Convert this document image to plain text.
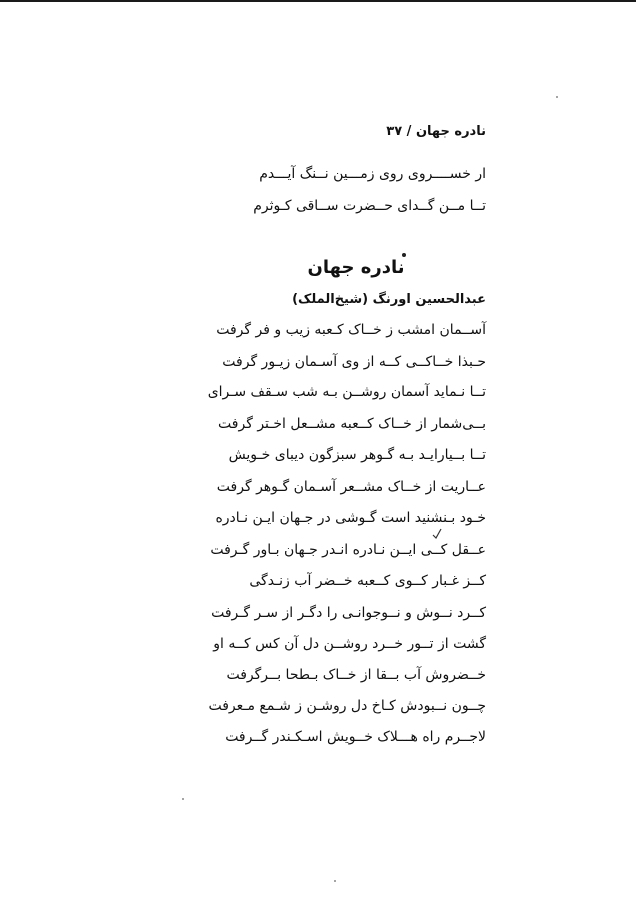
نادره جهان / ۳۷
ار خســــروی روی زمـــین نــنگ آیـــدم
تــا مــن گــدای حــضرت ســاقی کـوثرم
نادره جهان
عبدالحسین اورنگ (شیخ‌الملک)
آســمان امشب ز خــاک کـعبه زیب و فر گرفت
حـبذا خــاکــی کــه از وی آسـمان زیـور گرفت
تــا نـماید آسمان روشــن بـه شب سـقف سـرای
بــی‌شمار از خــاک کــعبه مشــعل اخـتر گرفت
تــا بــیارایـد بـه گـوهر سبزگون دیبای خـویش
عــاریت از خــاک مشــعر آسـمان گـوهر گرفت
خـود بـنشنید است گـوشی در جـهان ایـن نـادره
عــقل کــی ایــن نـادره انـدر جـهان بـاور گـرفت
کــز غـبار کــوی کــعبه خــضر آب زنـدگی
کــرد نــوش و نــوجوانـی را دگـر از سـر گـرفت
گشت از تــور خــرد روشــن دل آن کس کــه او
خــضروش آب بــقا از خــاک بـطحا بــرگرفت
چــون نــبودش کـاخ دل روشـن ز شـمع مـعرفت
لاجــرم راه هـــلاک خــویش اسـکـندر گــرفت
